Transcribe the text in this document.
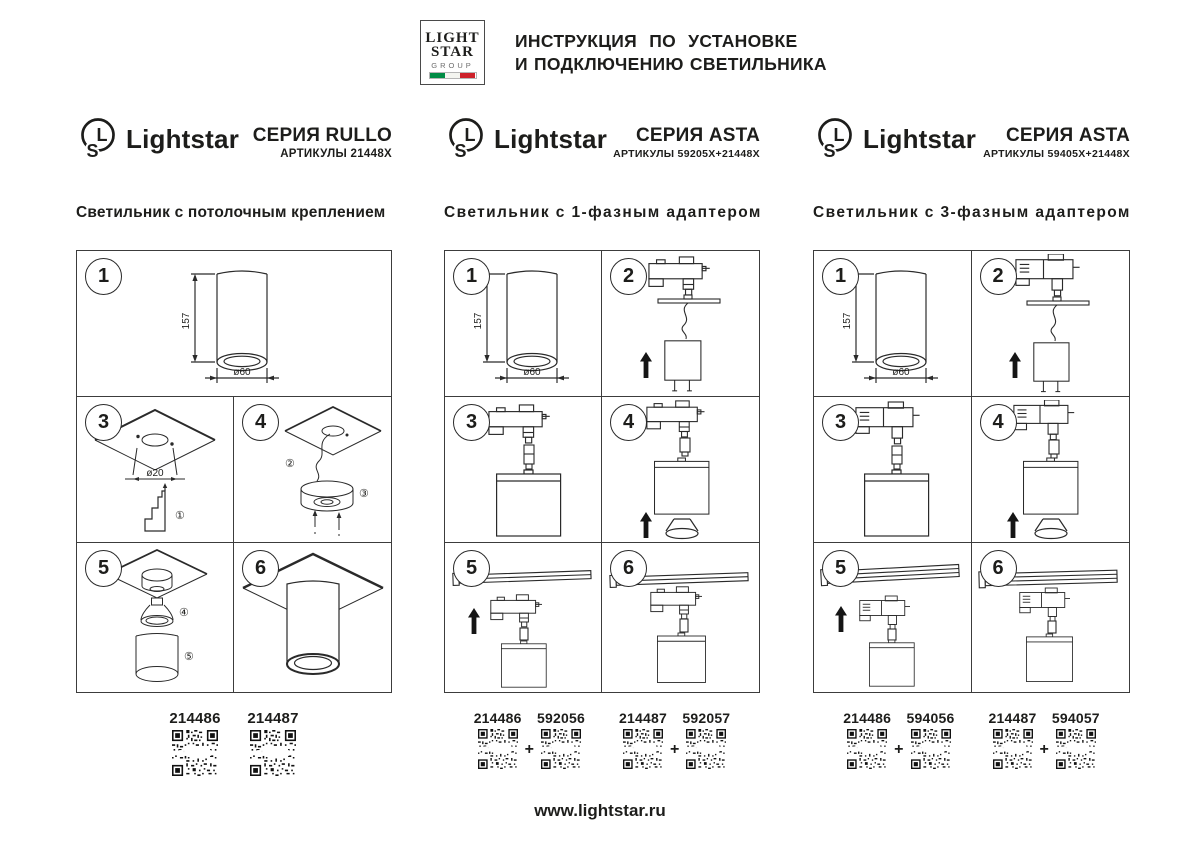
LIGHT
STAR
GROUP
ИНСТРУКЦИЯ ПО УСТАНОВКЕ
И ПОДКЛЮЧЕНИЮ СВЕТИЛЬНИКА
Lightstar СЕРИЯ RULLO
АРТИКУЛЫ 21448X
Светильник с потолочным креплением
1
157
ø60
3
ø20
①
4
②
③
5
④
⑤
6
214486 214487
Lightstar	СЕРИЯ ASTA
АРТИКУЛЫ 59205X+21448X
Светильник с 1-фазным адаптером
1
157
ø60
2
3	4
5	6
214486
+
592056 214487
+
592057
Lightstar	СЕРИЯ ASTA
АРТИКУЛЫ 59405X+21448X
Светильник с 3-фазным адаптером
1
157
ø60
2
3	4
5	6
214486
+
594056 214487
+
594057
www.lightstar.ru
